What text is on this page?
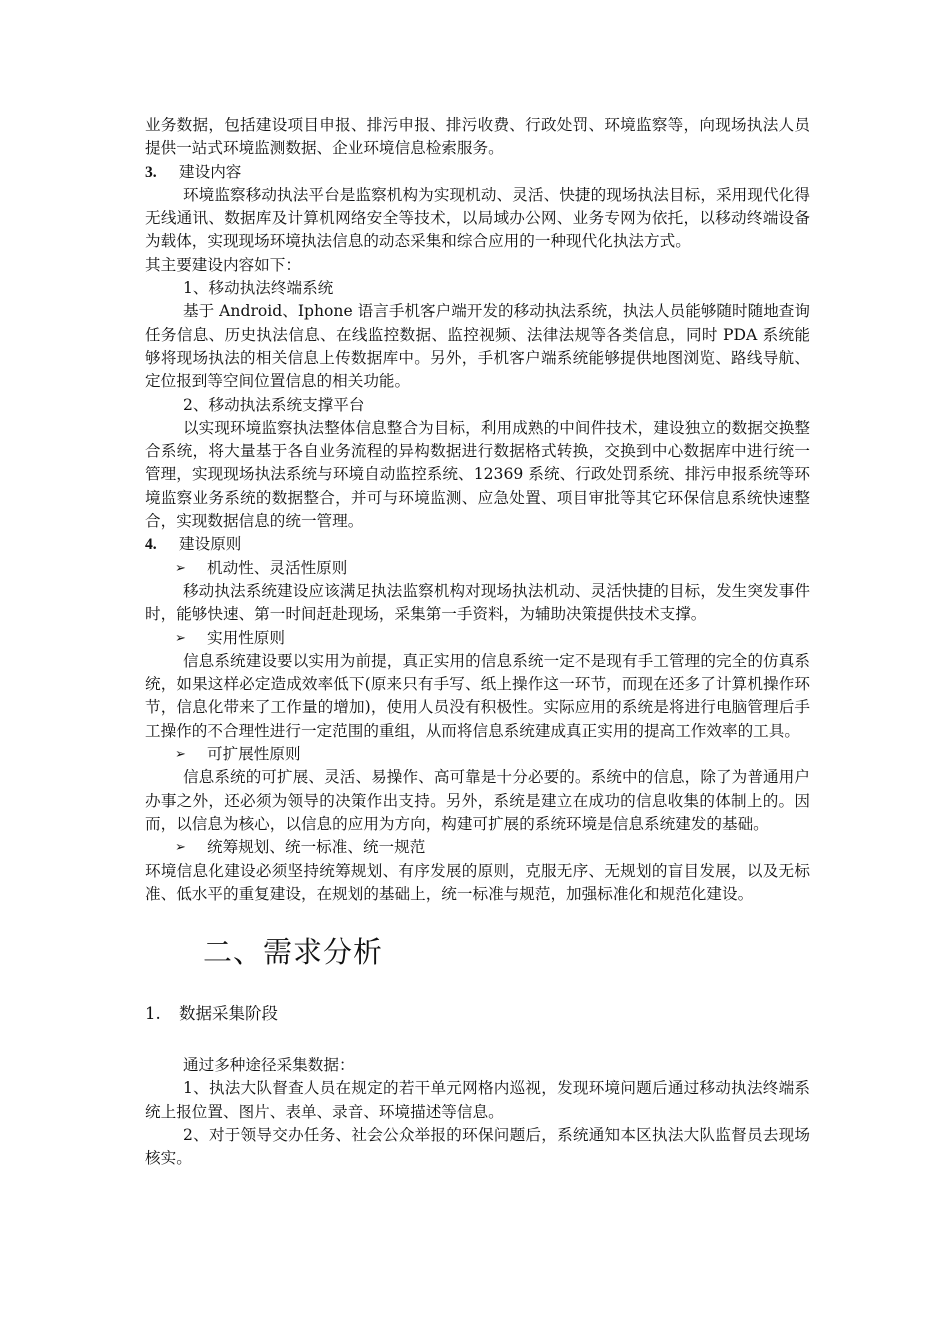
业务数据，包括建设项目申报、排污申报、排污收费、行政处罚、环境监察等，向现场执法人员提供一站式环境监测数据、企业环境信息检索服务。

3.	建设内容

环境监察移动执法平台是监察机构为实现机动、灵活、快捷的现场执法目标，采用现代化得无线通讯、数据库及计算机网络安全等技术，以局域办公网、业务专网为依托，以移动终端设备为载体，实现现场环境执法信息的动态采集和综合应用的一种现代化执法方式。

其主要建设内容如下：

1、移动执法终端系统

基于 Android、Iphone 语言手机客户端开发的移动执法系统，执法人员能够随时随地查询任务信息、历史执法信息、在线监控数据、监控视频、法律法规等各类信息，同时 PDA 系统能够将现场执法的相关信息上传数据库中。另外，手机客户端系统能够提供地图浏览、路线导航、定位报到等空间位置信息的相关功能。

2、移动执法系统支撑平台

以实现环境监察执法整体信息整合为目标，利用成熟的中间件技术，建设独立的数据交换整合系统，将大量基于各自业务流程的异构数据进行数据格式转换，交换到中心数据库中进行统一管理，实现现场执法系统与环境自动监控系统、12369 系统、行政处罚系统、排污申报系统等环境监察业务系统的数据整合，并可与环境监测、应急处置、项目审批等其它环保信息系统快速整合，实现数据信息的统一管理。

4.	建设原则
➢	机动性、灵活性原则

移动执法系统建设应该满足执法监察机构对现场执法机动、灵活快捷的目标，发生突发事件时，能够快速、第一时间赶赴现场，采集第一手资料，为辅助决策提供技术支撑。

➢	实用性原则

信息系统建设要以实用为前提，真正实用的信息系统一定不是现有手工管理的完全的仿真系统，如果这样必定造成效率低下(原来只有手写、纸上操作这一环节，而现在还多了计算机操作环节，信息化带来了工作量的增加)，使用人员没有积极性。实际应用的系统是将进行电脑管理后手工操作的不合理性进行一定范围的重组，从而将信息系统建成真正实用的提高工作效率的工具。

➢	可扩展性原则

信息系统的可扩展、灵活、易操作、高可靠是十分必要的。系统中的信息，除了为普通用户办事之外，还必须为领导的决策作出支持。另外，系统是建立在成功的信息收集的体制上的。因而，以信息为核心，以信息的应用为方向，构建可扩展的系统环境是信息系统建发的基础。

➢	统筹规划、统一标准、统一规范

环境信息化建设必须坚持统筹规划、有序发展的原则，克服无序、无规划的盲目发展，以及无标准、低水平的重复建设，在规划的基础上，统一标准与规范，加强标准化和规范化建设。

二、需求分析
1.	数据采集阶段

通过多种途径采集数据：

1、执法大队督查人员在规定的若干单元网格内巡视，发现环境问题后通过移动执法终端系统上报位置、图片、表单、录音、环境描述等信息。

2、对于领导交办任务、社会公众举报的环保问题后，系统通知本区执法大队监督员去现场核实。
